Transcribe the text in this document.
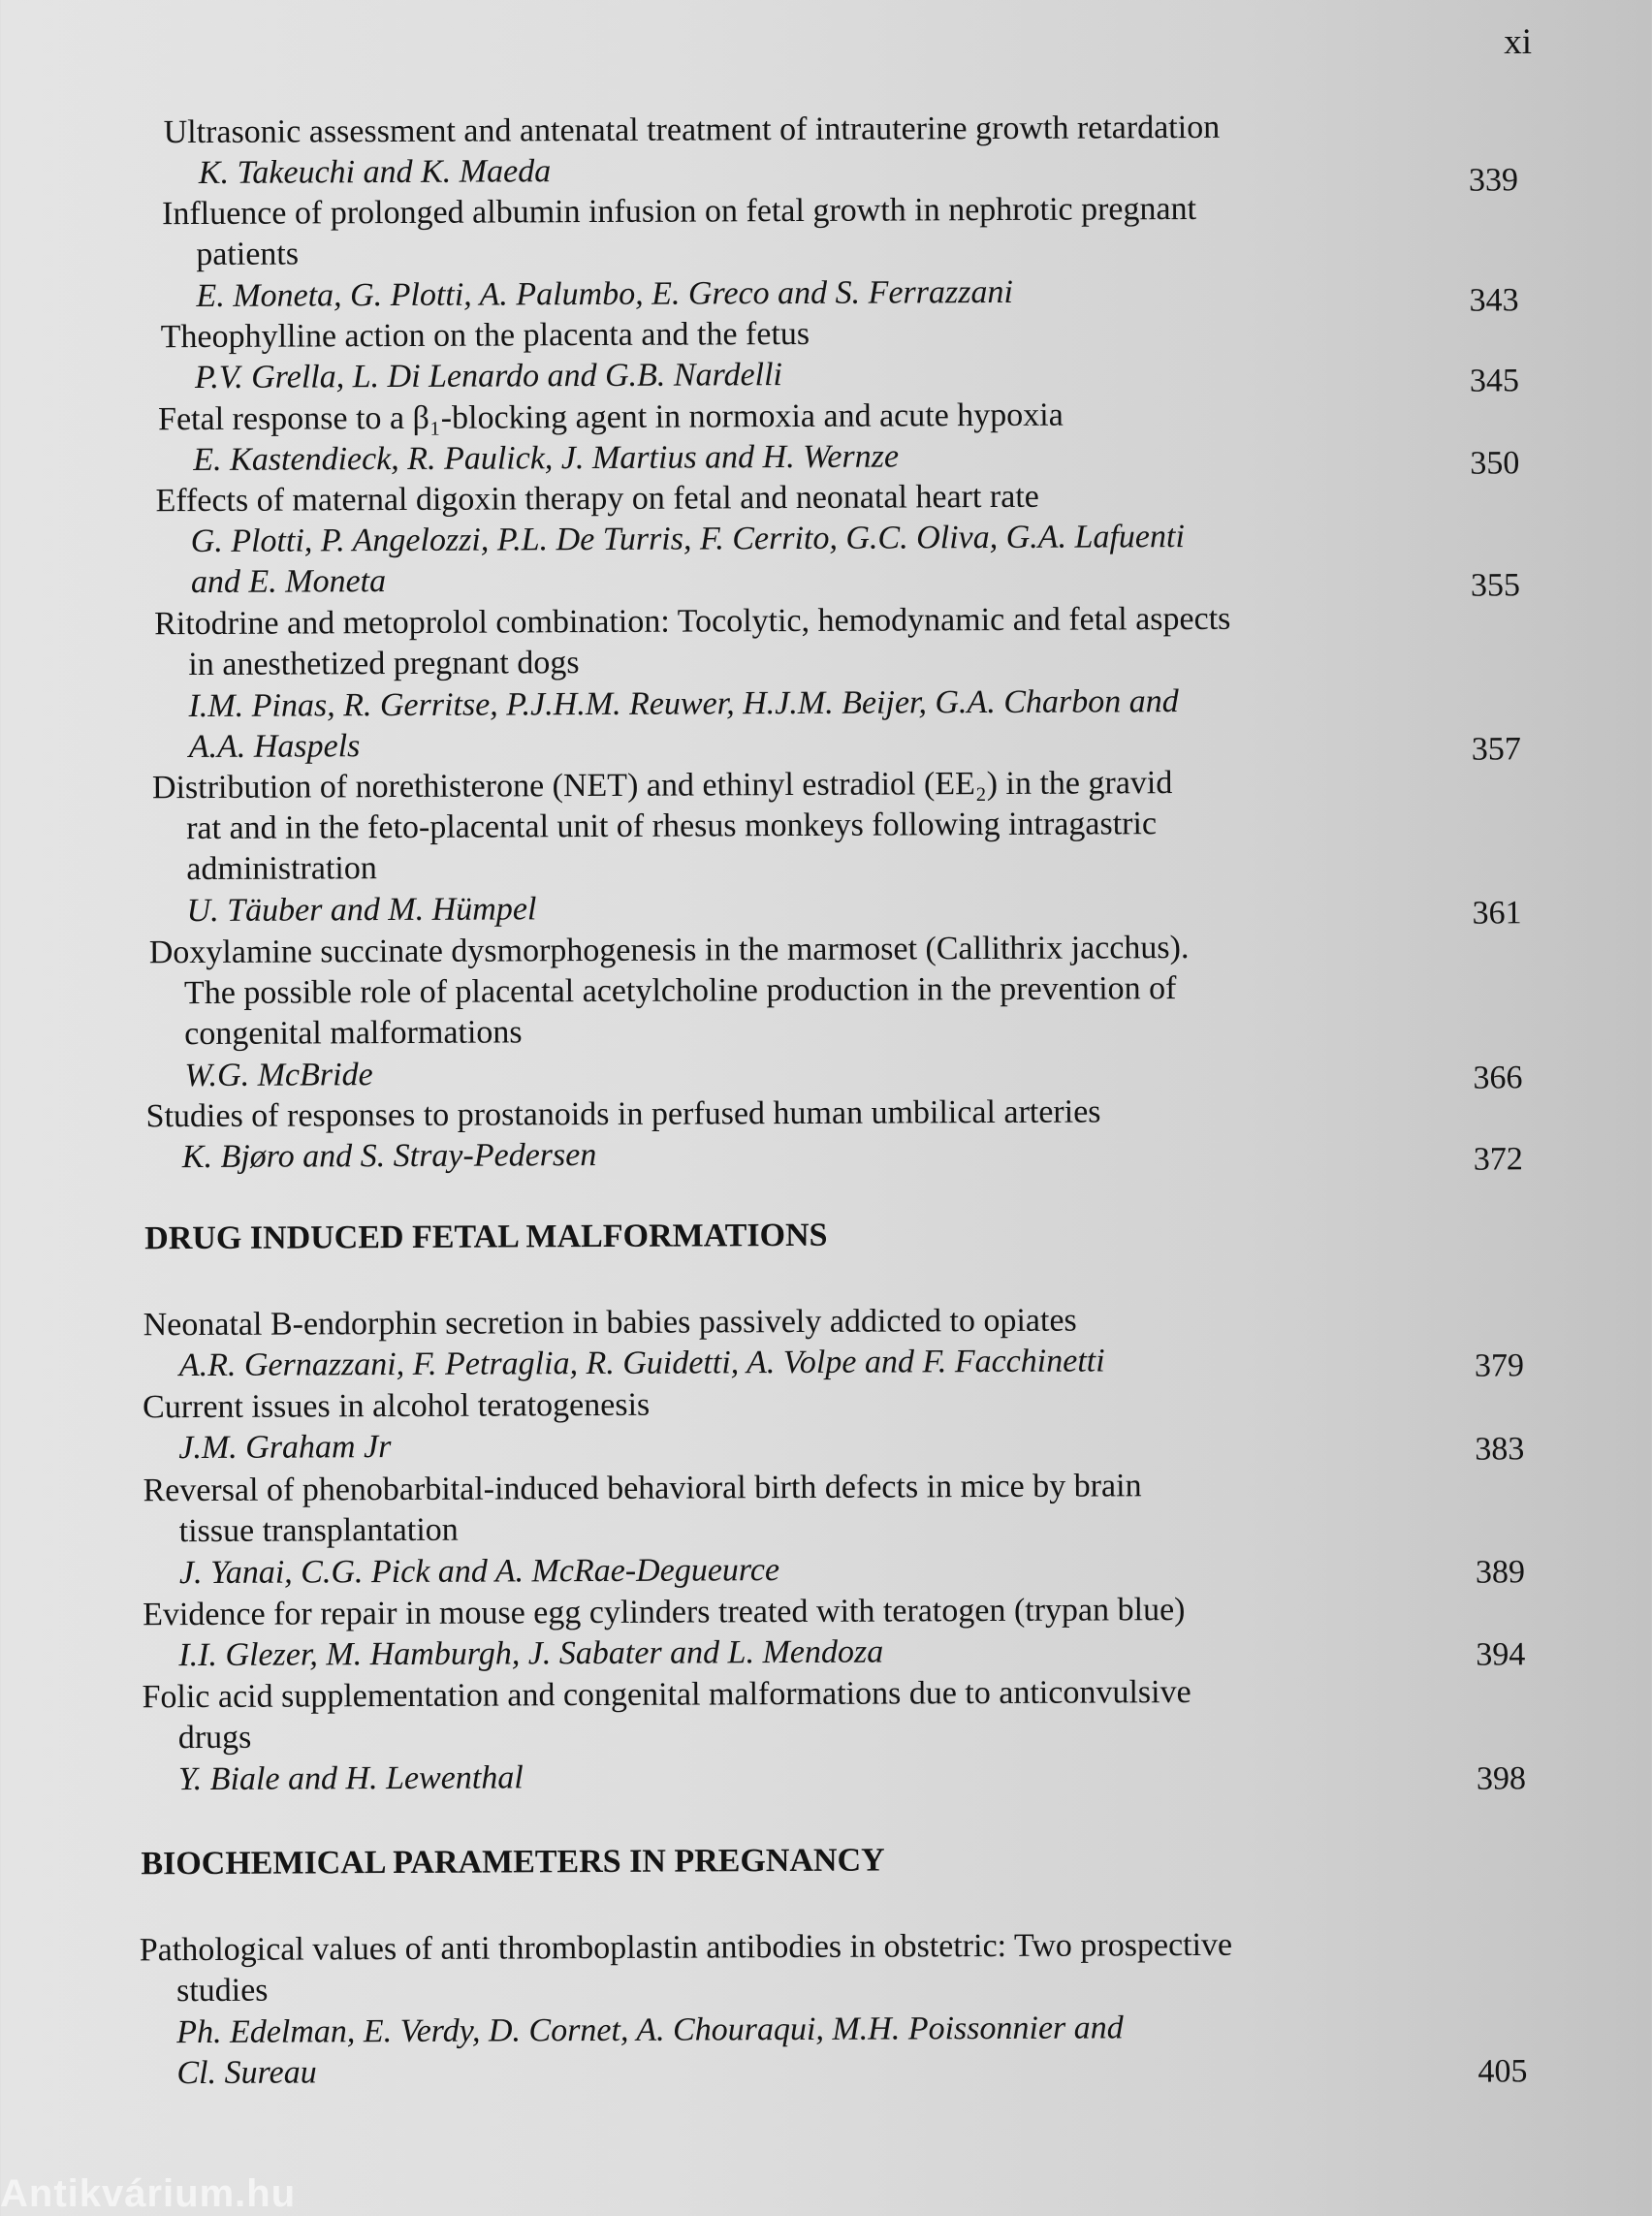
xi
Ultrasonic assessment and antenatal treatment of intrauterine growth retardation
K. Takeuchi and K. Maeda	339
Influence of prolonged albumin infusion on fetal growth in nephrotic pregnant
patients
E. Moneta, G. Plotti, A. Palumbo, E. Greco and S. Ferrazzani	343
Theophylline action on the placenta and the fetus
P.V. Grella, L. Di Lenardo and G.B. Nardelli	345
Fetal response to a β₁-blocking agent in normoxia and acute hypoxia
E. Kastendieck, R. Paulick, J. Martius and H. Wernze	350
Effects of maternal digoxin therapy on fetal and neonatal heart rate
G. Plotti, P. Angelozzi, P.L. De Turris, F. Cerrito, G.C. Oliva, G.A. Lafuenti
and E. Moneta	355
Ritodrine and metoprolol combination: Tocolytic, hemodynamic and fetal aspects
in anesthetized pregnant dogs
I.M. Pinas, R. Gerritse, P.J.H.M. Reuwer, H.J.M. Beijer, G.A. Charbon and
A.A. Haspels	357
Distribution of norethisterone (NET) and ethinyl estradiol (EE₂) in the gravid
rat and in the feto-placental unit of rhesus monkeys following intragastric
administration
U. Täuber and M. Hümpel	361
Doxylamine succinate dysmorphogenesis in the marmoset (Callithrix jacchus).
The possible role of placental acetylcholine production in the prevention of
congenital malformations
W.G. McBride	366
Studies of responses to prostanoids in perfused human umbilical arteries
K. Bjøro and S. Stray-Pedersen	372
DRUG INDUCED FETAL MALFORMATIONS
Neonatal B-endorphin secretion in babies passively addicted to opiates
A.R. Gernazzani, F. Petraglia, R. Guidetti, A. Volpe and F. Facchinetti	379
Current issues in alcohol teratogenesis
J.M. Graham Jr	383
Reversal of phenobarbital-induced behavioral birth defects in mice by brain
tissue transplantation
J. Yanai, C.G. Pick and A. McRae-Degueurce	389
Evidence for repair in mouse egg cylinders treated with teratogen (trypan blue)
I.I. Glezer, M. Hamburgh, J. Sabater and L. Mendoza	394
Folic acid supplementation and congenital malformations due to anticonvulsive
drugs
Y. Biale and H. Lewenthal	398
BIOCHEMICAL PARAMETERS IN PREGNANCY
Pathological values of anti thromboplastin antibodies in obstetric: Two prospective
studies
Ph. Edelman, E. Verdy, D. Cornet, A. Chouraqui, M.H. Poissonnier and
Cl. Sureau	405
Antikvárium.hu
